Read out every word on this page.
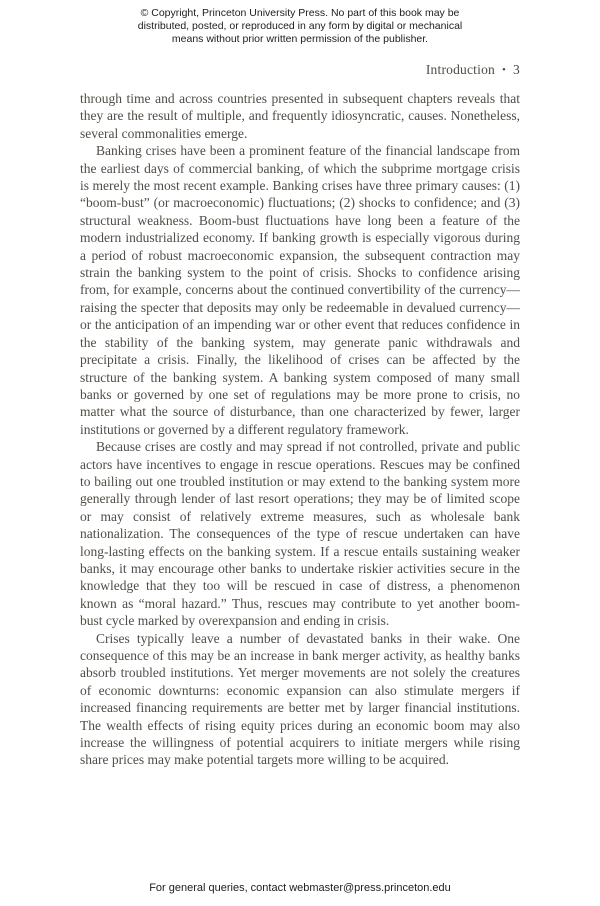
© Copyright, Princeton University Press. No part of this book may be distributed, posted, or reproduced in any form by digital or mechanical means without prior written permission of the publisher.
Introduction • 3

through time and across countries presented in subsequent chapters reveals that they are the result of multiple, and frequently idiosyncratic, causes. Nonetheless, several commonalities emerge.

Banking crises have been a prominent feature of the financial landscape from the earliest days of commercial banking, of which the subprime mortgage crisis is merely the most recent example. Banking crises have three primary causes: (1) “boom-bust” (or macroeconomic) fluctuations; (2) shocks to confidence; and (3) structural weakness. Boom-bust fluctuations have long been a feature of the modern industrialized economy. If banking growth is especially vigorous during a period of robust macroeconomic expansion, the subsequent contraction may strain the banking system to the point of crisis. Shocks to confidence arising from, for example, concerns about the continued convertibility of the currency—raising the specter that deposits may only be redeemable in devalued currency—or the anticipation of an impending war or other event that reduces confidence in the stability of the banking system, may generate panic withdrawals and precipitate a crisis. Finally, the likelihood of crises can be affected by the structure of the banking system. A banking system composed of many small banks or governed by one set of regulations may be more prone to crisis, no matter what the source of disturbance, than one characterized by fewer, larger institutions or governed by a different regulatory framework.

Because crises are costly and may spread if not controlled, private and public actors have incentives to engage in rescue operations. Rescues may be confined to bailing out one troubled institution or may extend to the banking system more generally through lender of last resort operations; they may be of limited scope or may consist of relatively extreme measures, such as wholesale bank nationalization. The consequences of the type of rescue undertaken can have long-lasting effects on the banking system. If a rescue entails sustaining weaker banks, it may encourage other banks to undertake riskier activities secure in the knowledge that they too will be rescued in case of distress, a phenomenon known as “moral hazard.” Thus, rescues may contribute to yet another boom-bust cycle marked by overexpansion and ending in crisis.

Crises typically leave a number of devastated banks in their wake. One consequence of this may be an increase in bank merger activity, as healthy banks absorb troubled institutions. Yet merger movements are not solely the creatures of economic downturns: economic expansion can also stimulate mergers if increased financing requirements are better met by larger financial institutions. The wealth effects of rising equity prices during an economic boom may also increase the willingness of potential acquirers to initiate mergers while rising share prices may make potential targets more willing to be acquired.

For general queries, contact webmaster@press.princeton.edu
